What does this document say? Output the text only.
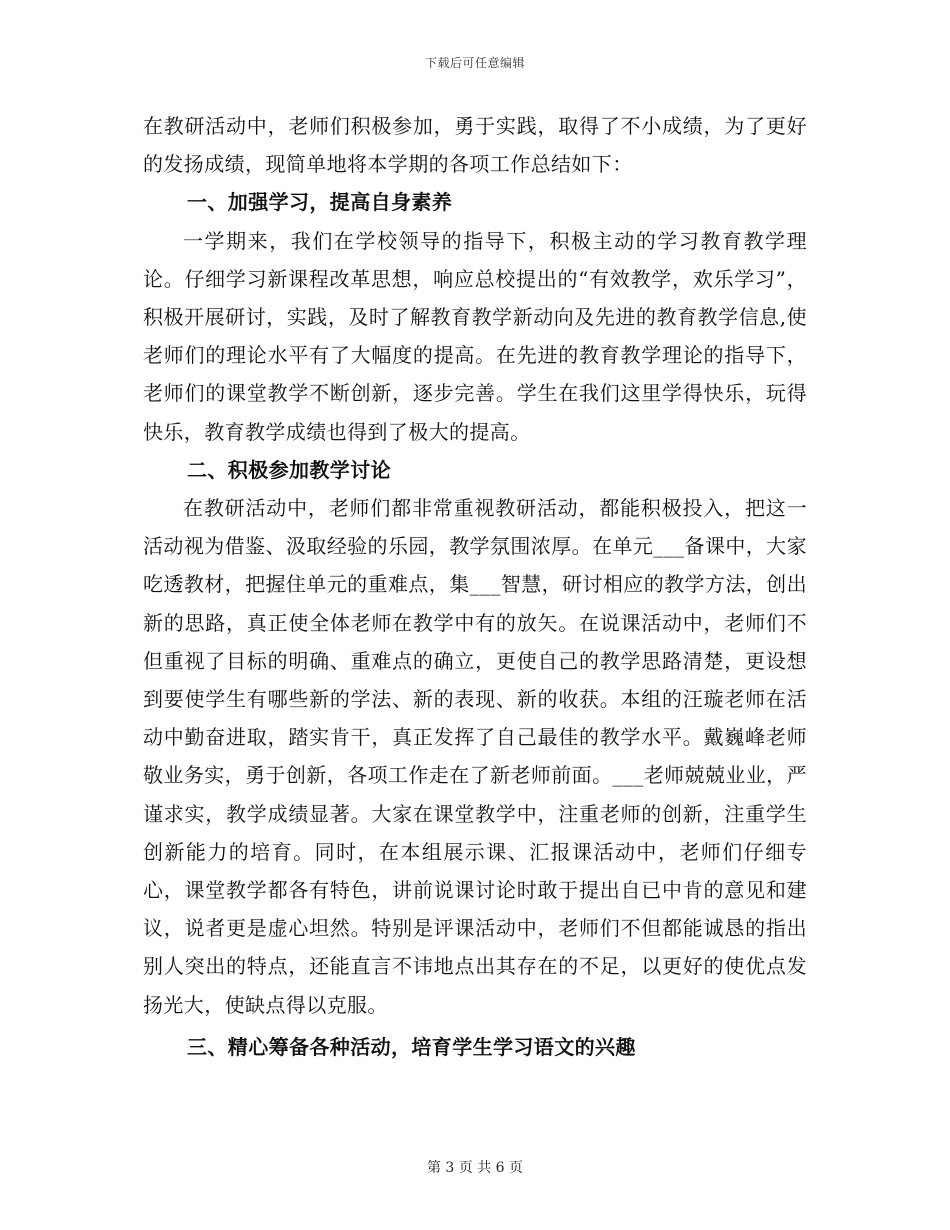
下载后可任意编辑

在教研活动中，老师们积极参加，勇于实践，取得了不小成绩，为了更好的发扬成绩，现简单地将本学期的各项工作总结如下：

一、加强学习，提高自身素养

一学期来，我们在学校领导的指导下，积极主动的学习教育教学理论。仔细学习新课程改革思想，响应总校提出的“有效教学，欢乐学习”，积极开展研讨，实践，及时了解教育教学新动向及先进的教育教学信息,使老师们的理论水平有了大幅度的提高。在先进的教育教学理论的指导下，老师们的课堂教学不断创新，逐步完善。学生在我们这里学得快乐，玩得快乐，教育教学成绩也得到了极大的提高。

二、积极参加教学讨论

在教研活动中，老师们都非常重视教研活动，都能积极投入，把这一活动视为借鉴、汲取经验的乐园，教学氛围浓厚。在单元___备课中，大家吃透教材，把握住单元的重难点，集___智慧，研讨相应的教学方法，创出新的思路，真正使全体老师在教学中有的放矢。在说课活动中，老师们不但重视了目标的明确、重难点的确立，更使自己的教学思路清楚，更设想到要使学生有哪些新的学法、新的表现、新的收获。本组的汪璇老师在活动中勤奋进取，踏实肯干，真正发挥了自己最佳的教学水平。戴巍峰老师敬业务实，勇于创新，各项工作走在了新老师前面。___老师兢兢业业，严谨求实，教学成绩显著。大家在课堂教学中，注重老师的创新，注重学生创新能力的培育。同时，在本组展示课、汇报课活动中，老师们仔细专心，课堂教学都各有特色，讲前说课讨论时敢于提出自已中肯的意见和建议，说者更是虚心坦然。特别是评课活动中，老师们不但都能诚恳的指出别人突出的特点，还能直言不讳地点出其存在的不足，以更好的使优点发扬光大，使缺点得以克服。

三、精心筹备各种活动，培育学生学习语文的兴趣

第 3 页 共 6 页
